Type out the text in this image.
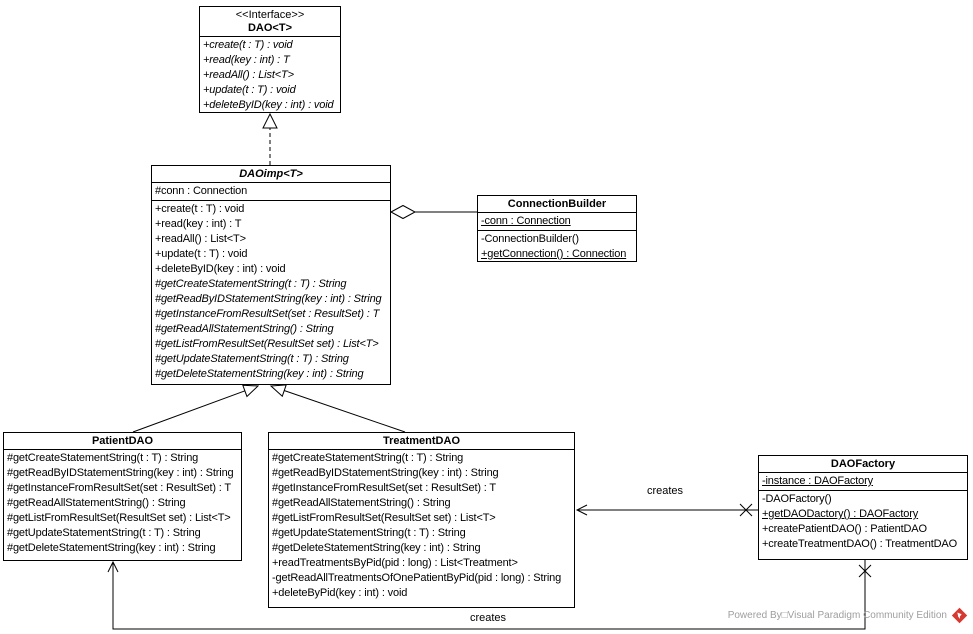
<<Interface>>
DAO<T>
+create(t : T) : void
+read(key : int) : T
+readAll() : List<T>
+update(t : T) : void
+deleteByID(key : int) : void
DAOimp<T>
#conn : Connection
+create(t : T) : void
+read(key : int) : T
+readAll() : List<T>
+update(t : T) : void
+deleteByID(key : int) : void
#getCreateStatementString(t : T) : String
#getReadByIDStatementString(key : int) : String
#getInstanceFromResultSet(set : ResultSet) : T
#getReadAllStatementString() : String
#getListFromResultSet(ResultSet set) : List<T>
#getUpdateStatementString(t : T) : String
#getDeleteStatementString(key : int) : String
ConnectionBuilder
-conn : Connection
-ConnectionBuilder()
+getConnection() : Connection
PatientDAO
#getCreateStatementString(t : T) : String
#getReadByIDStatementString(key : int) : String
#getInstanceFromResultSet(set : ResultSet) : T
#getReadAllStatementString() : String
#getListFromResultSet(ResultSet set) : List<T>
#getUpdateStatementString(t : T) : String
#getDeleteStatementString(key : int) : String
TreatmentDAO
#getCreateStatementString(t : T) : String
#getReadByIDStatementString(key : int) : String
#getInstanceFromResultSet(set : ResultSet) : T
#getReadAllStatementString() : String
#getListFromResultSet(ResultSet set) : List<T>
#getUpdateStatementString(t : T) : String
#getDeleteStatementString(key : int) : String
+readTreatmentsByPid(pid : long) : List<Treatment>
-getReadAllTreatmentsOfOnePatientByPid(pid : long) : String
+deleteByPid(key : int) : void
DAOFactory
-instance : DAOFactory
-DAOFactory()
+getDAODactory() : DAOFactory
+createPatientDAO() : PatientDAO
+createTreatmentDAO() : TreatmentDAO
creates
creates	Powered By□Visual Paradigm Community Edition
